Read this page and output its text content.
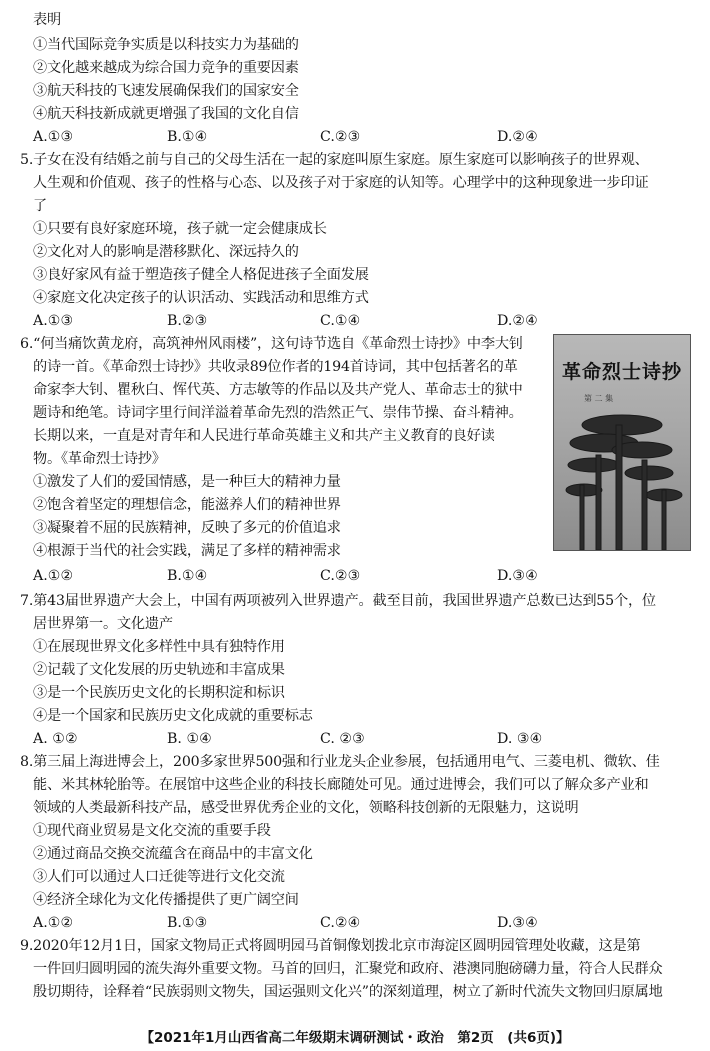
表明
①当代国际竞争实质是以科技实力为基础的
②文化越来越成为综合国力竞争的重要因素
③航天科技的飞速发展确保我们的国家安全
④航天科技新成就更增强了我国的文化自信
A.①③	B.①④	C.②③	D.②④
5.子女在没有结婚之前与自己的父母生活在一起的家庭叫原生家庭。原生家庭可以影响孩子的世界观、
人生观和价值观、孩子的性格与心态、以及孩子对于家庭的认知等。心理学中的这种现象进一步印证
了
①只要有良好家庭环境，孩子就一定会健康成长
②文化对人的影响是潜移默化、深远持久的
③良好家风有益于塑造孩子健全人格促进孩子全面发展
④家庭文化决定孩子的认识活动、实践活动和思维方式
A.①③	B.②③	C.①④	D.②④
6.“何当痛饮黄龙府，高筑神州风雨楼”，这句诗节选自《革命烈士诗抄》中李大钊
的诗一首。《革命烈士诗抄》共收录89位作者的194首诗词，其中包括著名的革
命家李大钊、瞿秋白、恽代英、方志敏等的作品以及共产党人、革命志士的狱中
题诗和绝笔。诗词字里行间洋溢着革命先烈的浩然正气、崇伟节操、奋斗精神。
长期以来，一直是对青年和人民进行革命英雄主义和共产主义教育的良好读
物。《革命烈士诗抄》
①激发了人们的爱国情感，是一种巨大的精神力量
②饱含着坚定的理想信念，能滋养人们的精神世界
③凝聚着不屈的民族精神，反映了多元的价值追求
④根源于当代的社会实践，满足了多样的精神需求
A.①②	B.①④	C.②③	D.③④
革命烈士诗抄
第 二 集
7.第43届世界遗产大会上，中国有两项被列入世界遗产。截至目前，我国世界遗产总数已达到55个，位
居世界第一。文化遗产
①在展现世界文化多样性中具有独特作用
②记载了文化发展的历史轨迹和丰富成果
③是一个民族历史文化的长期积淀和标识
④是一个国家和民族历史文化成就的重要标志
A. ①②	B. ①④	C. ②③	D. ③④
8.第三届上海进博会上，200多家世界500强和行业龙头企业参展，包括通用电气、三菱电机、微软、佳
能、米其林轮胎等。在展馆中这些企业的科技长廊随处可见。通过进博会，我们可以了解众多产业和
领域的人类最新科技产品，感受世界优秀企业的文化，领略科技创新的无限魅力，这说明
①现代商业贸易是文化交流的重要手段
②通过商品交换交流蕴含在商品中的丰富文化
③人们可以通过人口迁徙等进行文化交流
④经济全球化为文化传播提供了更广阔空间
A.①②	B.①③	C.②④	D.③④
9.2020年12月1日，国家文物局正式将圆明园马首铜像划拨北京市海淀区圆明园管理处收藏，这是第
一件回归圆明园的流失海外重要文物。马首的回归，汇聚党和政府、港澳同胞磅礴力量，符合人民群众
殷切期待，诠释着“民族弱则文物失，国运强则文化兴”的深刻道理，树立了新时代流失文物回归原属地
【2021年1月山西省高二年级期末调研测试・政治　第2页　(共6页)】
